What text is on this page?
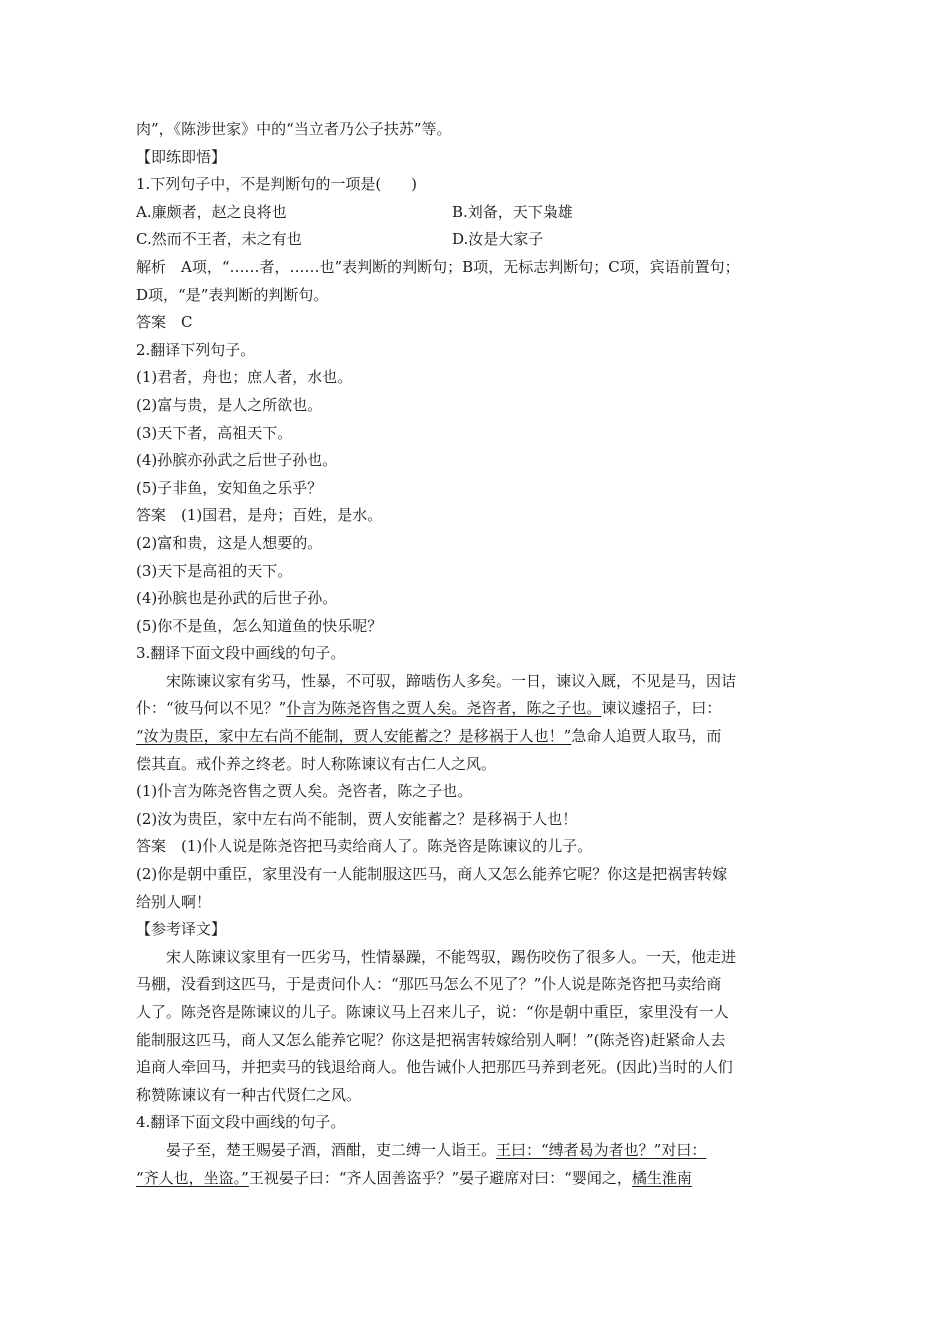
肉”，《陈涉世家》中的“当立者乃公子扶苏”等。

【即练即悟】

1.下列句子中，不是判断句的一项是(　　)

A.廉颇者，赵之良将也	B.刘备，天下枭雄
C.然而不王者，未之有也	D.汝是大家子

解析　A项，“……者，……也”表判断的判断句；B项，无标志判断句；C项，宾语前置句；

D项，“是”表判断的判断句。

答案　C

2.翻译下列句子。

(1)君者，舟也；庶人者，水也。

(2)富与贵，是人之所欲也。

(3)天下者，高祖天下。

(4)孙膑亦孙武之后世子孙也。

(5)子非鱼，安知鱼之乐乎？

答案　(1)国君，是舟；百姓，是水。

(2)富和贵，这是人想要的。

(3)天下是高祖的天下。

(4)孙膑也是孙武的后世子孙。

(5)你不是鱼，怎么知道鱼的快乐呢？

3.翻译下面文段中画线的句子。

宋陈谏议家有劣马，性暴，不可驭，蹄啮伤人多矣。一日，谏议入厩，不见是马，因诘

仆：“彼马何以不见？”仆言为陈尧咨售之贾人矣。尧咨者，陈之子也。谏议遽招子，曰：

“汝为贵臣，家中左右尚不能制，贾人安能蓄之？是移祸于人也！”急命人追贾人取马，而

偿其直。戒仆养之终老。时人称陈谏议有古仁人之风。

(1)仆言为陈尧咨售之贾人矣。尧咨者，陈之子也。

(2)汝为贵臣，家中左右尚不能制，贾人安能蓄之？是移祸于人也！

答案　(1)仆人说是陈尧咨把马卖给商人了。陈尧咨是陈谏议的儿子。

(2)你是朝中重臣，家里没有一人能制服这匹马，商人又怎么能养它呢？你这是把祸害转嫁

给别人啊！

【参考译文】

宋人陈谏议家里有一匹劣马，性情暴躁，不能驾驭，踢伤咬伤了很多人。一天，他走进

马棚，没看到这匹马，于是责问仆人：“那匹马怎么不见了？”仆人说是陈尧咨把马卖给商

人了。陈尧咨是陈谏议的儿子。陈谏议马上召来儿子，说：“你是朝中重臣，家里没有一人

能制服这匹马，商人又怎么能养它呢？你这是把祸害转嫁给别人啊！”(陈尧咨)赶紧命人去

追商人牵回马，并把卖马的钱退给商人。他告诫仆人把那匹马养到老死。(因此)当时的人们

称赞陈谏议有一种古代贤仁之风。

4.翻译下面文段中画线的句子。

晏子至，楚王赐晏子酒，酒酣，吏二缚一人诣王。王曰：“缚者曷为者也？”对曰：

“齐人也，坐盗。”王视晏子曰：“齐人固善盗乎？”晏子避席对曰：“婴闻之，橘生淮南
